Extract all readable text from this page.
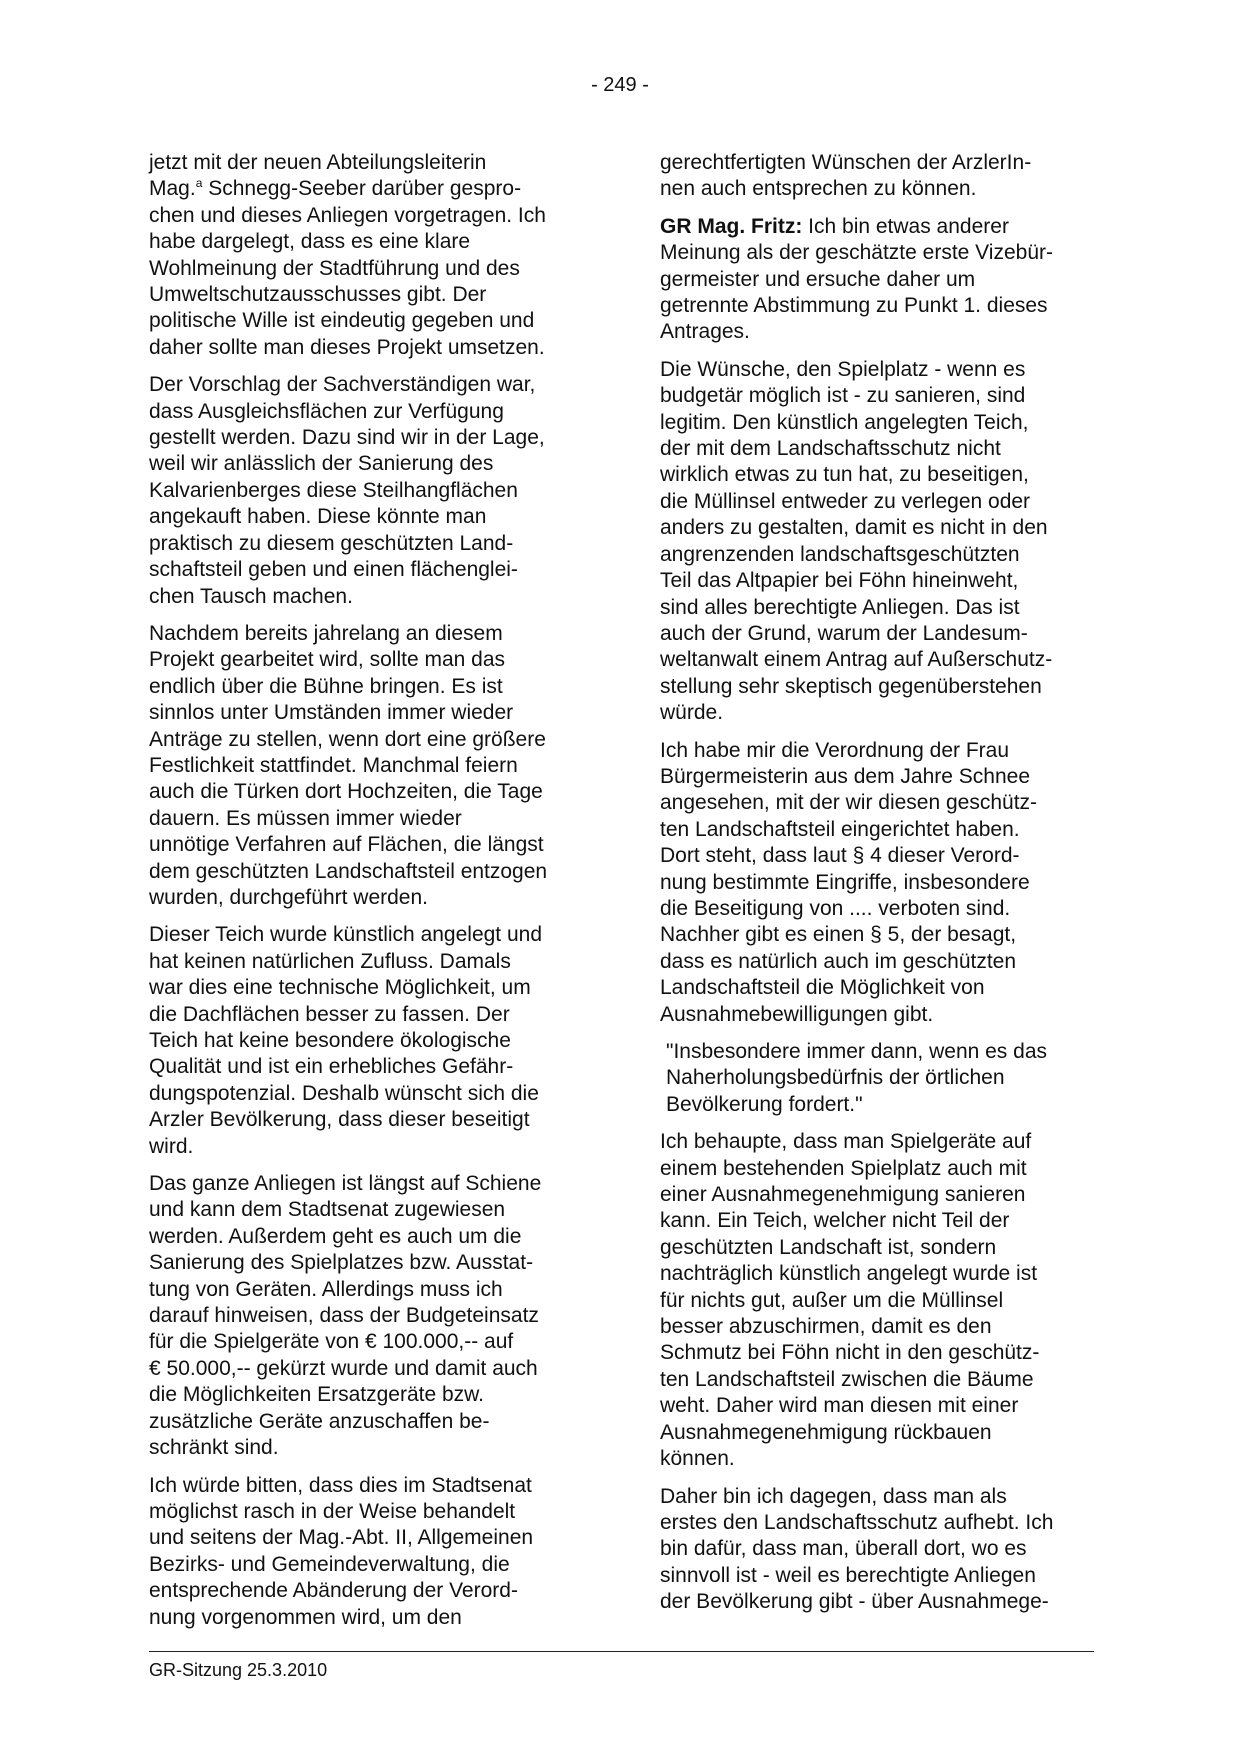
- 249 -

jetzt mit der neuen Abteilungsleiterin
Mag.$^a$ Schnegg-Seeber darüber gespro-
chen und dieses Anliegen vorgetragen. Ich
habe dargelegt, dass es eine klare
Wohlmeinung der Stadtführung und des
Umweltschutzausschusses gibt. Der
politische Wille ist eindeutig gegeben und
daher sollte man dieses Projekt umsetzen.

Der Vorschlag der Sachverständigen war,
dass Ausgleichsflächen zur Verfügung
gestellt werden. Dazu sind wir in der Lage,
weil wir anlässlich der Sanierung des
Kalvarienberges diese Steilhangflächen
angekauft haben. Diese könnte man
praktisch zu diesem geschützten Land-
schaftsteil geben und einen flächenglei-
chen Tausch machen.

Nachdem bereits jahrelang an diesem
Projekt gearbeitet wird, sollte man das
endlich über die Bühne bringen. Es ist
sinnlos unter Umständen immer wieder
Anträge zu stellen, wenn dort eine größere
Festlichkeit stattfindet. Manchmal feiern
auch die Türken dort Hochzeiten, die Tage
dauern. Es müssen immer wieder
unnötige Verfahren auf Flächen, die längst
dem geschützten Landschaftsteil entzogen
wurden, durchgeführt werden.

Dieser Teich wurde künstlich angelegt und
hat keinen natürlichen Zufluss. Damals
war dies eine technische Möglichkeit, um
die Dachflächen besser zu fassen. Der
Teich hat keine besondere ökologische
Qualität und ist ein erhebliches Gefähr-
dungspotenzial. Deshalb wünscht sich die
Arzler Bevölkerung, dass dieser beseitigt
wird.

Das ganze Anliegen ist längst auf Schiene
und kann dem Stadtsenat zugewiesen
werden. Außerdem geht es auch um die
Sanierung des Spielplatzes bzw. Ausstat-
tung von Geräten. Allerdings muss ich
darauf hinweisen, dass der Budgeteinsatz
für die Spielgeräte von € 100.000,-- auf
€ 50.000,-- gekürzt wurde und damit auch
die Möglichkeiten Ersatzgeräte bzw.
zusätzliche Geräte anzuschaffen be-
schränkt sind.

Ich würde bitten, dass dies im Stadtsenat
möglichst rasch in der Weise behandelt
und seitens der Mag.-Abt. II, Allgemeinen
Bezirks- und Gemeindeverwaltung, die
entsprechende Abänderung der Verord-
nung vorgenommen wird, um den

gerechtfertigten Wünschen der ArzlerIn-
nen auch entsprechen zu können.

GR Mag. Fritz: Ich bin etwas anderer
Meinung als der geschätzte erste Vizebür-
germeister und ersuche daher um
getrennte Abstimmung zu Punkt 1. dieses
Antrages.

Die Wünsche, den Spielplatz - wenn es
budgetär möglich ist - zu sanieren, sind
legitim. Den künstlich angelegten Teich,
der mit dem Landschaftsschutz nicht
wirklich etwas zu tun hat, zu beseitigen,
die Müllinsel entweder zu verlegen oder
anders zu gestalten, damit es nicht in den
angrenzenden landschaftsgeschützten
Teil das Altpapier bei Föhn hineinweht,
sind alles berechtigte Anliegen. Das ist
auch der Grund, warum der Landesum-
weltanwalt einem Antrag auf Außerschutz-
stellung sehr skeptisch gegenüberstehen
würde.

Ich habe mir die Verordnung der Frau
Bürgermeisterin aus dem Jahre Schnee
angesehen, mit der wir diesen geschütz-
ten Landschaftsteil eingerichtet haben.
Dort steht, dass laut § 4 dieser Verord-
nung bestimmte Eingriffe, insbesondere
die Beseitigung von .... verboten sind.
Nachher gibt es einen § 5, der besagt,
dass es natürlich auch im geschützten
Landschaftsteil die Möglichkeit von
Ausnahmebewilligungen gibt.

"Insbesondere immer dann, wenn es das
Naherholungsbedürfnis der örtlichen
Bevölkerung fordert."

Ich behaupte, dass man Spielgeräte auf
einem bestehenden Spielplatz auch mit
einer Ausnahmegenehmigung sanieren
kann. Ein Teich, welcher nicht Teil der
geschützten Landschaft ist, sondern
nachträglich künstlich angelegt wurde ist
für nichts gut, außer um die Müllinsel
besser abzuschirmen, damit es den
Schmutz bei Föhn nicht in den geschütz-
ten Landschaftsteil zwischen die Bäume
weht. Daher wird man diesen mit einer
Ausnahmegenehmigung rückbauen
können.

Daher bin ich dagegen, dass man als
erstes den Landschaftsschutz aufhebt. Ich
bin dafür, dass man, überall dort, wo es
sinnvoll ist - weil es berechtigte Anliegen
der Bevölkerung gibt - über Ausnahmege-

GR-Sitzung 25.3.2010
